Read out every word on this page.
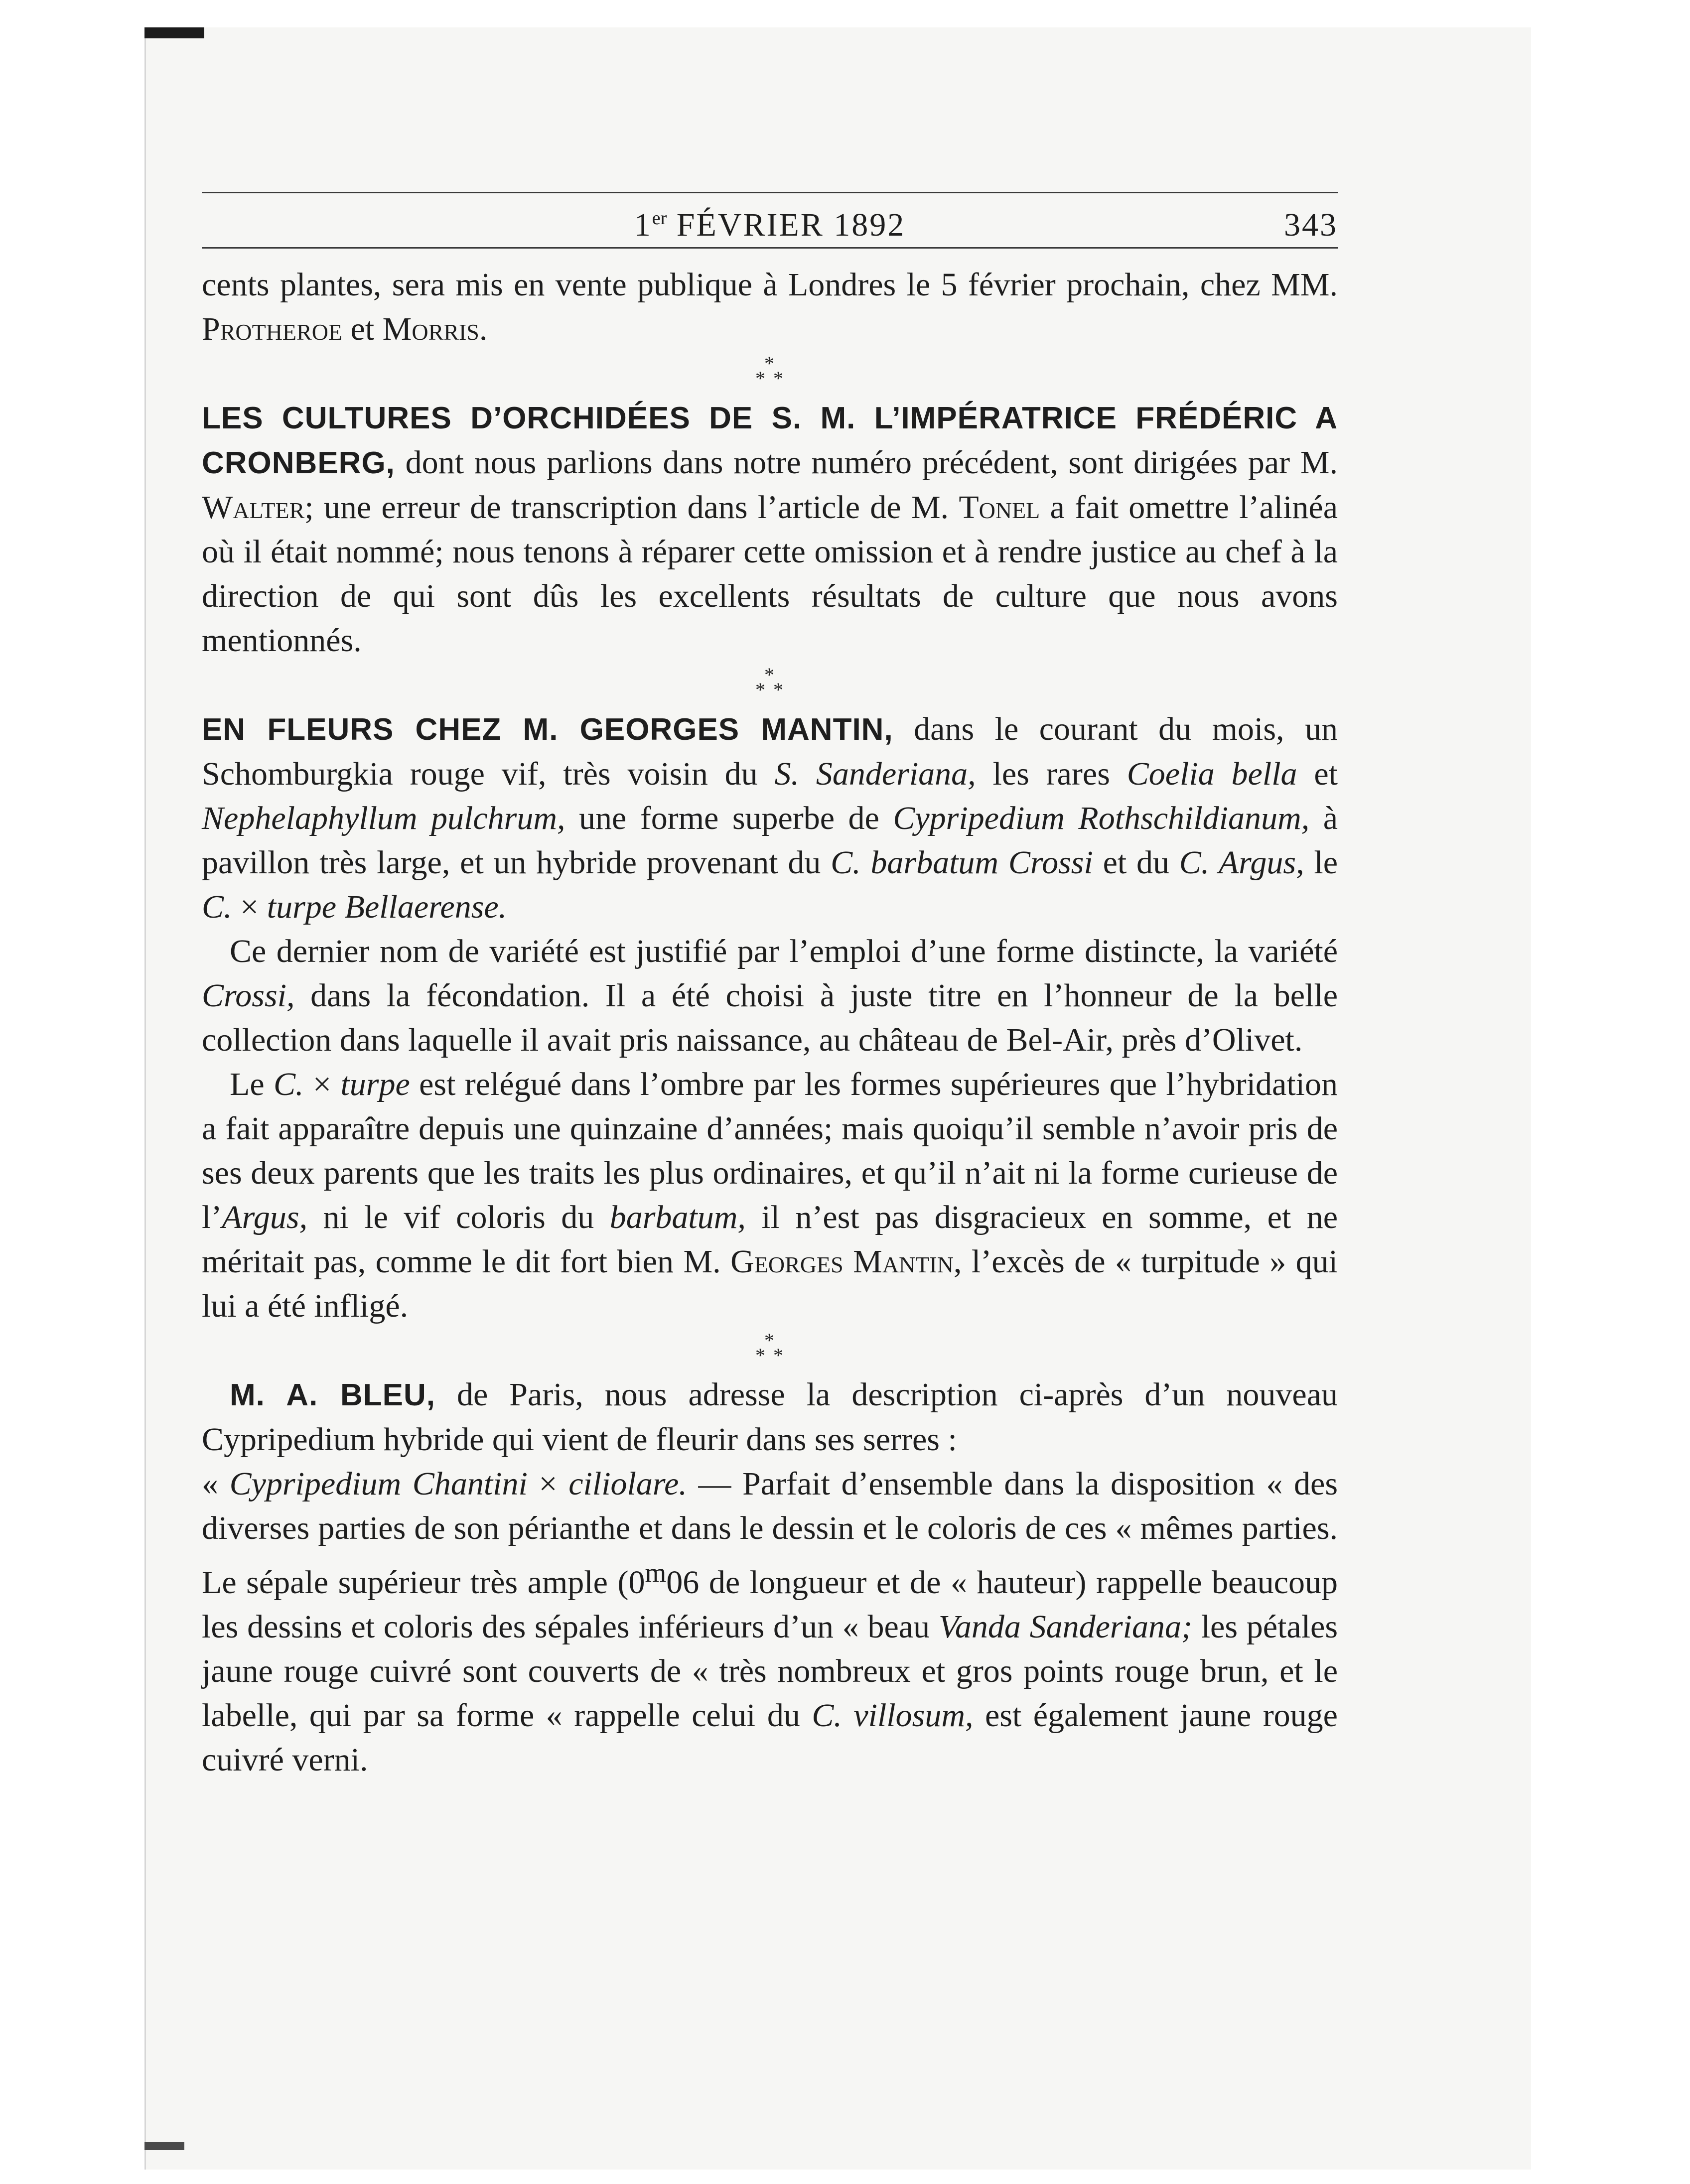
1er FÉVRIER 1892	343

cents plantes, sera mis en vente publique à Londres le 5 février prochain, chez MM. Protheroe et Morris.

*
* *

LES CULTURES D’ORCHIDÉES DE S. M. L’IMPÉRATRICE FRÉDÉRIC A CRONBERG, dont nous parlions dans notre numéro précédent, sont dirigées par M. Walter; une erreur de transcription dans l’article de M. Tonel a fait omettre l’alinéa où il était nommé; nous tenons à réparer cette omission et à rendre justice au chef à la direction de qui sont dûs les excellents résultats de culture que nous avons mentionnés.

*
* *

EN FLEURS CHEZ M. GEORGES MANTIN, dans le courant du mois, un Schomburgkia rouge vif, très voisin du S. Sanderiana, les rares Coelia bella et Nephelaphyllum pulchrum, une forme superbe de Cypripedium Rothschildianum, à pavillon très large, et un hybride provenant du C. barbatum Crossi et du C. Argus, le C. × turpe Bellaerense.

Ce dernier nom de variété est justifié par l’emploi d’une forme distincte, la variété Crossi, dans la fécondation. Il a été choisi à juste titre en l’honneur de la belle collection dans laquelle il avait pris naissance, au château de Bel-Air, près d’Olivet.

Le C. × turpe est relégué dans l’ombre par les formes supérieures que l’hybridation a fait apparaître depuis une quinzaine d’années; mais quoiqu’il semble n’avoir pris de ses deux parents que les traits les plus ordinaires, et qu’il n’ait ni la forme curieuse de l’Argus, ni le vif coloris du barbatum, il n’est pas disgracieux en somme, et ne méritait pas, comme le dit fort bien M. Georges Mantin, l’excès de « turpitude » qui lui a été infligé.

*
* *

M. A. BLEU, de Paris, nous adresse la description ci-après d’un nouveau Cypripedium hybride qui vient de fleurir dans ses serres :

« Cypripedium Chantini × ciliolare. — Parfait d’ensemble dans la disposition « des diverses parties de son périanthe et dans le dessin et le coloris de ces « mêmes parties. Le sépale supérieur très ample (0$^m$06 de longueur et de « hauteur) rappelle beaucoup les dessins et coloris des sépales inférieurs d’un « beau Vanda Sanderiana; les pétales jaune rouge cuivré sont couverts de « très nombreux et gros points rouge brun, et le labelle, qui par sa forme « rappelle celui du C. villosum, est également jaune rouge cuivré verni.
